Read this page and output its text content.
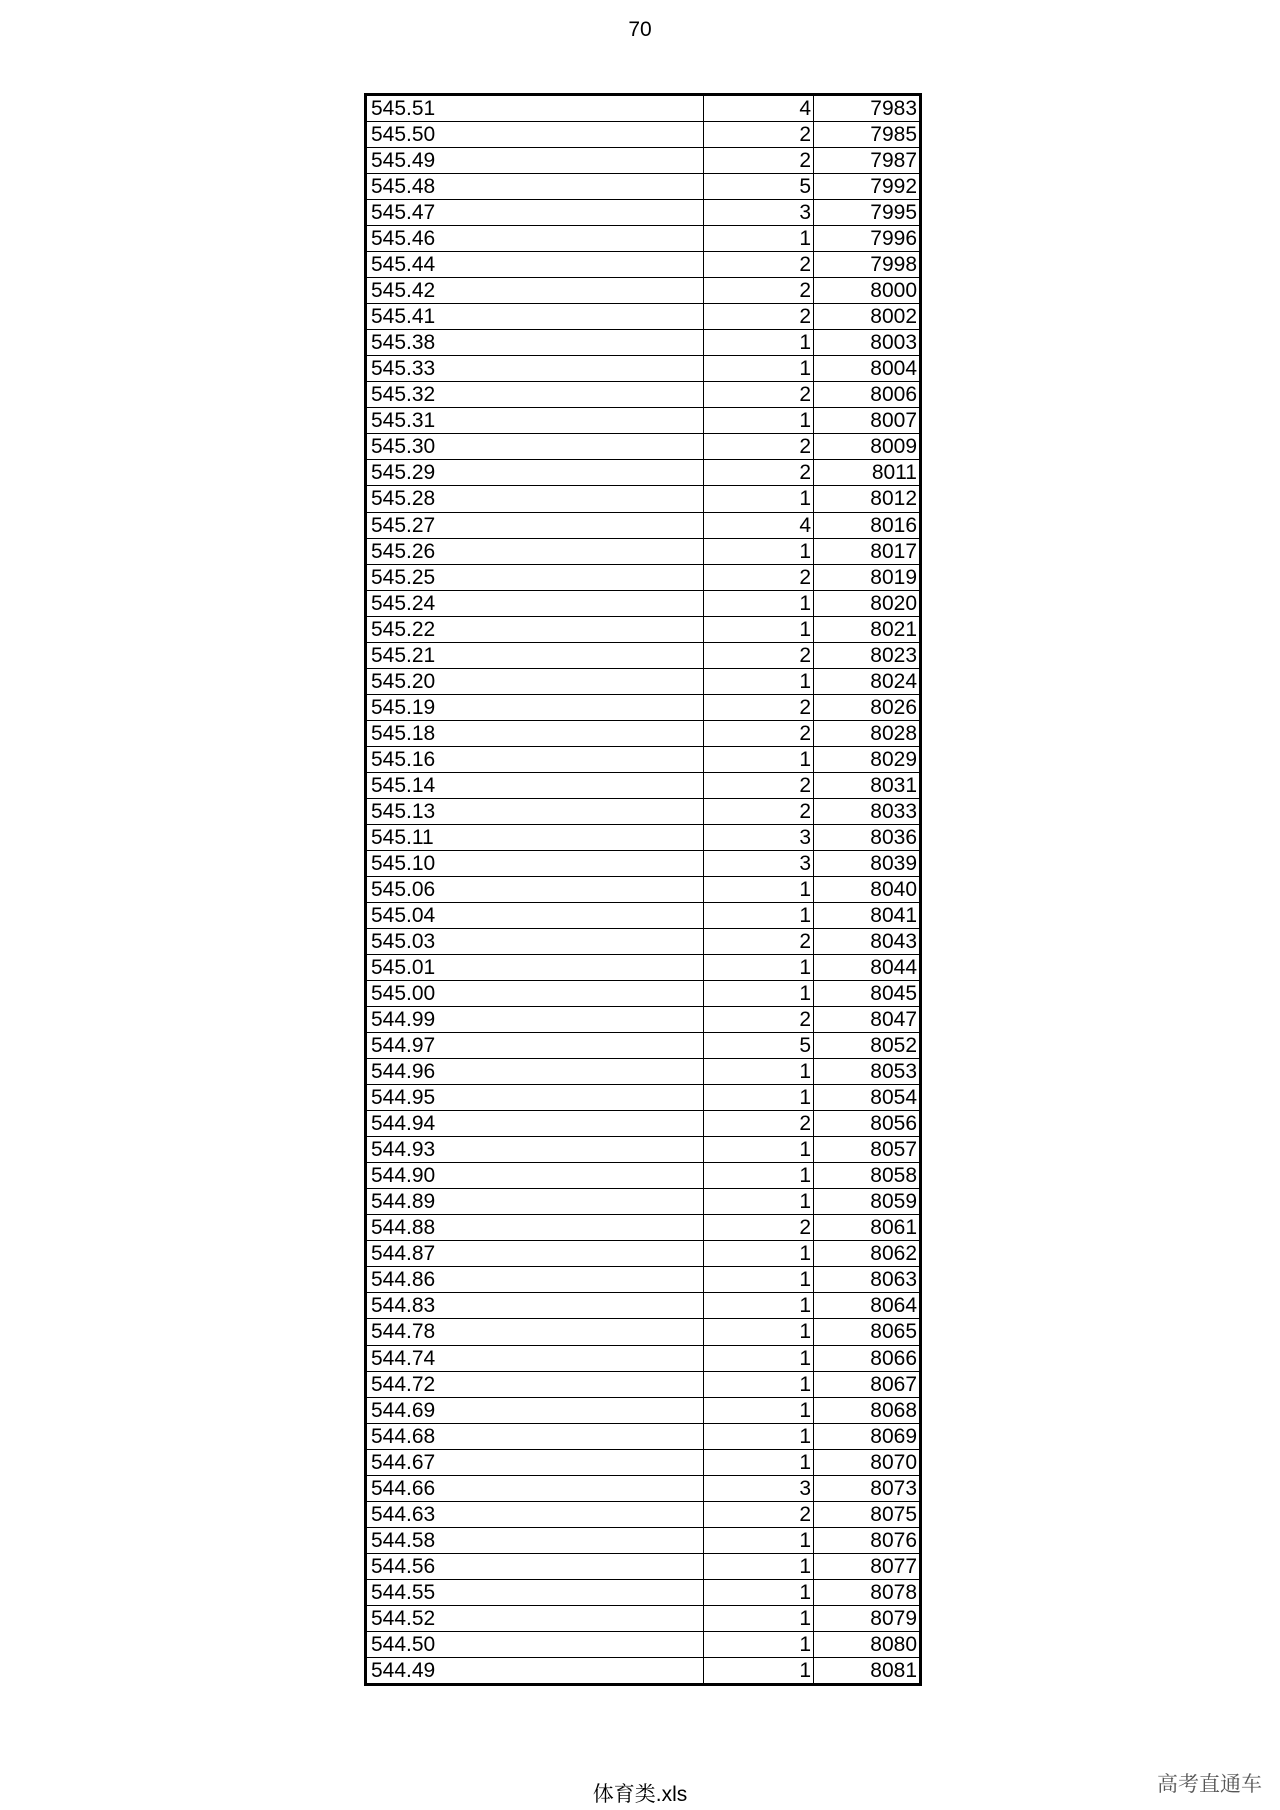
70
545.51	4	7983
545.50	2	7985
545.49	2	7987
545.48	5	7992
545.47	3	7995
545.46	1	7996
545.44	2	7998
545.42	2	8000
545.41	2	8002
545.38	1	8003
545.33	1	8004
545.32	2	8006
545.31	1	8007
545.30	2	8009
545.29	2	8011
545.28	1	8012
545.27	4	8016
545.26	1	8017
545.25	2	8019
545.24	1	8020
545.22	1	8021
545.21	2	8023
545.20	1	8024
545.19	2	8026
545.18	2	8028
545.16	1	8029
545.14	2	8031
545.13	2	8033
545.11	3	8036
545.10	3	8039
545.06	1	8040
545.04	1	8041
545.03	2	8043
545.01	1	8044
545.00	1	8045
544.99	2	8047
544.97	5	8052
544.96	1	8053
544.95	1	8054
544.94	2	8056
544.93	1	8057
544.90	1	8058
544.89	1	8059
544.88	2	8061
544.87	1	8062
544.86	1	8063
544.83	1	8064
544.78	1	8065
544.74	1	8066
544.72	1	8067
544.69	1	8068
544.68	1	8069
544.67	1	8070
544.66	3	8073
544.63	2	8075
544.58	1	8076
544.56	1	8077
544.55	1	8078
544.52	1	8079
544.50	1	8080
544.49	1	8081
体育类.xls	高考直通车
